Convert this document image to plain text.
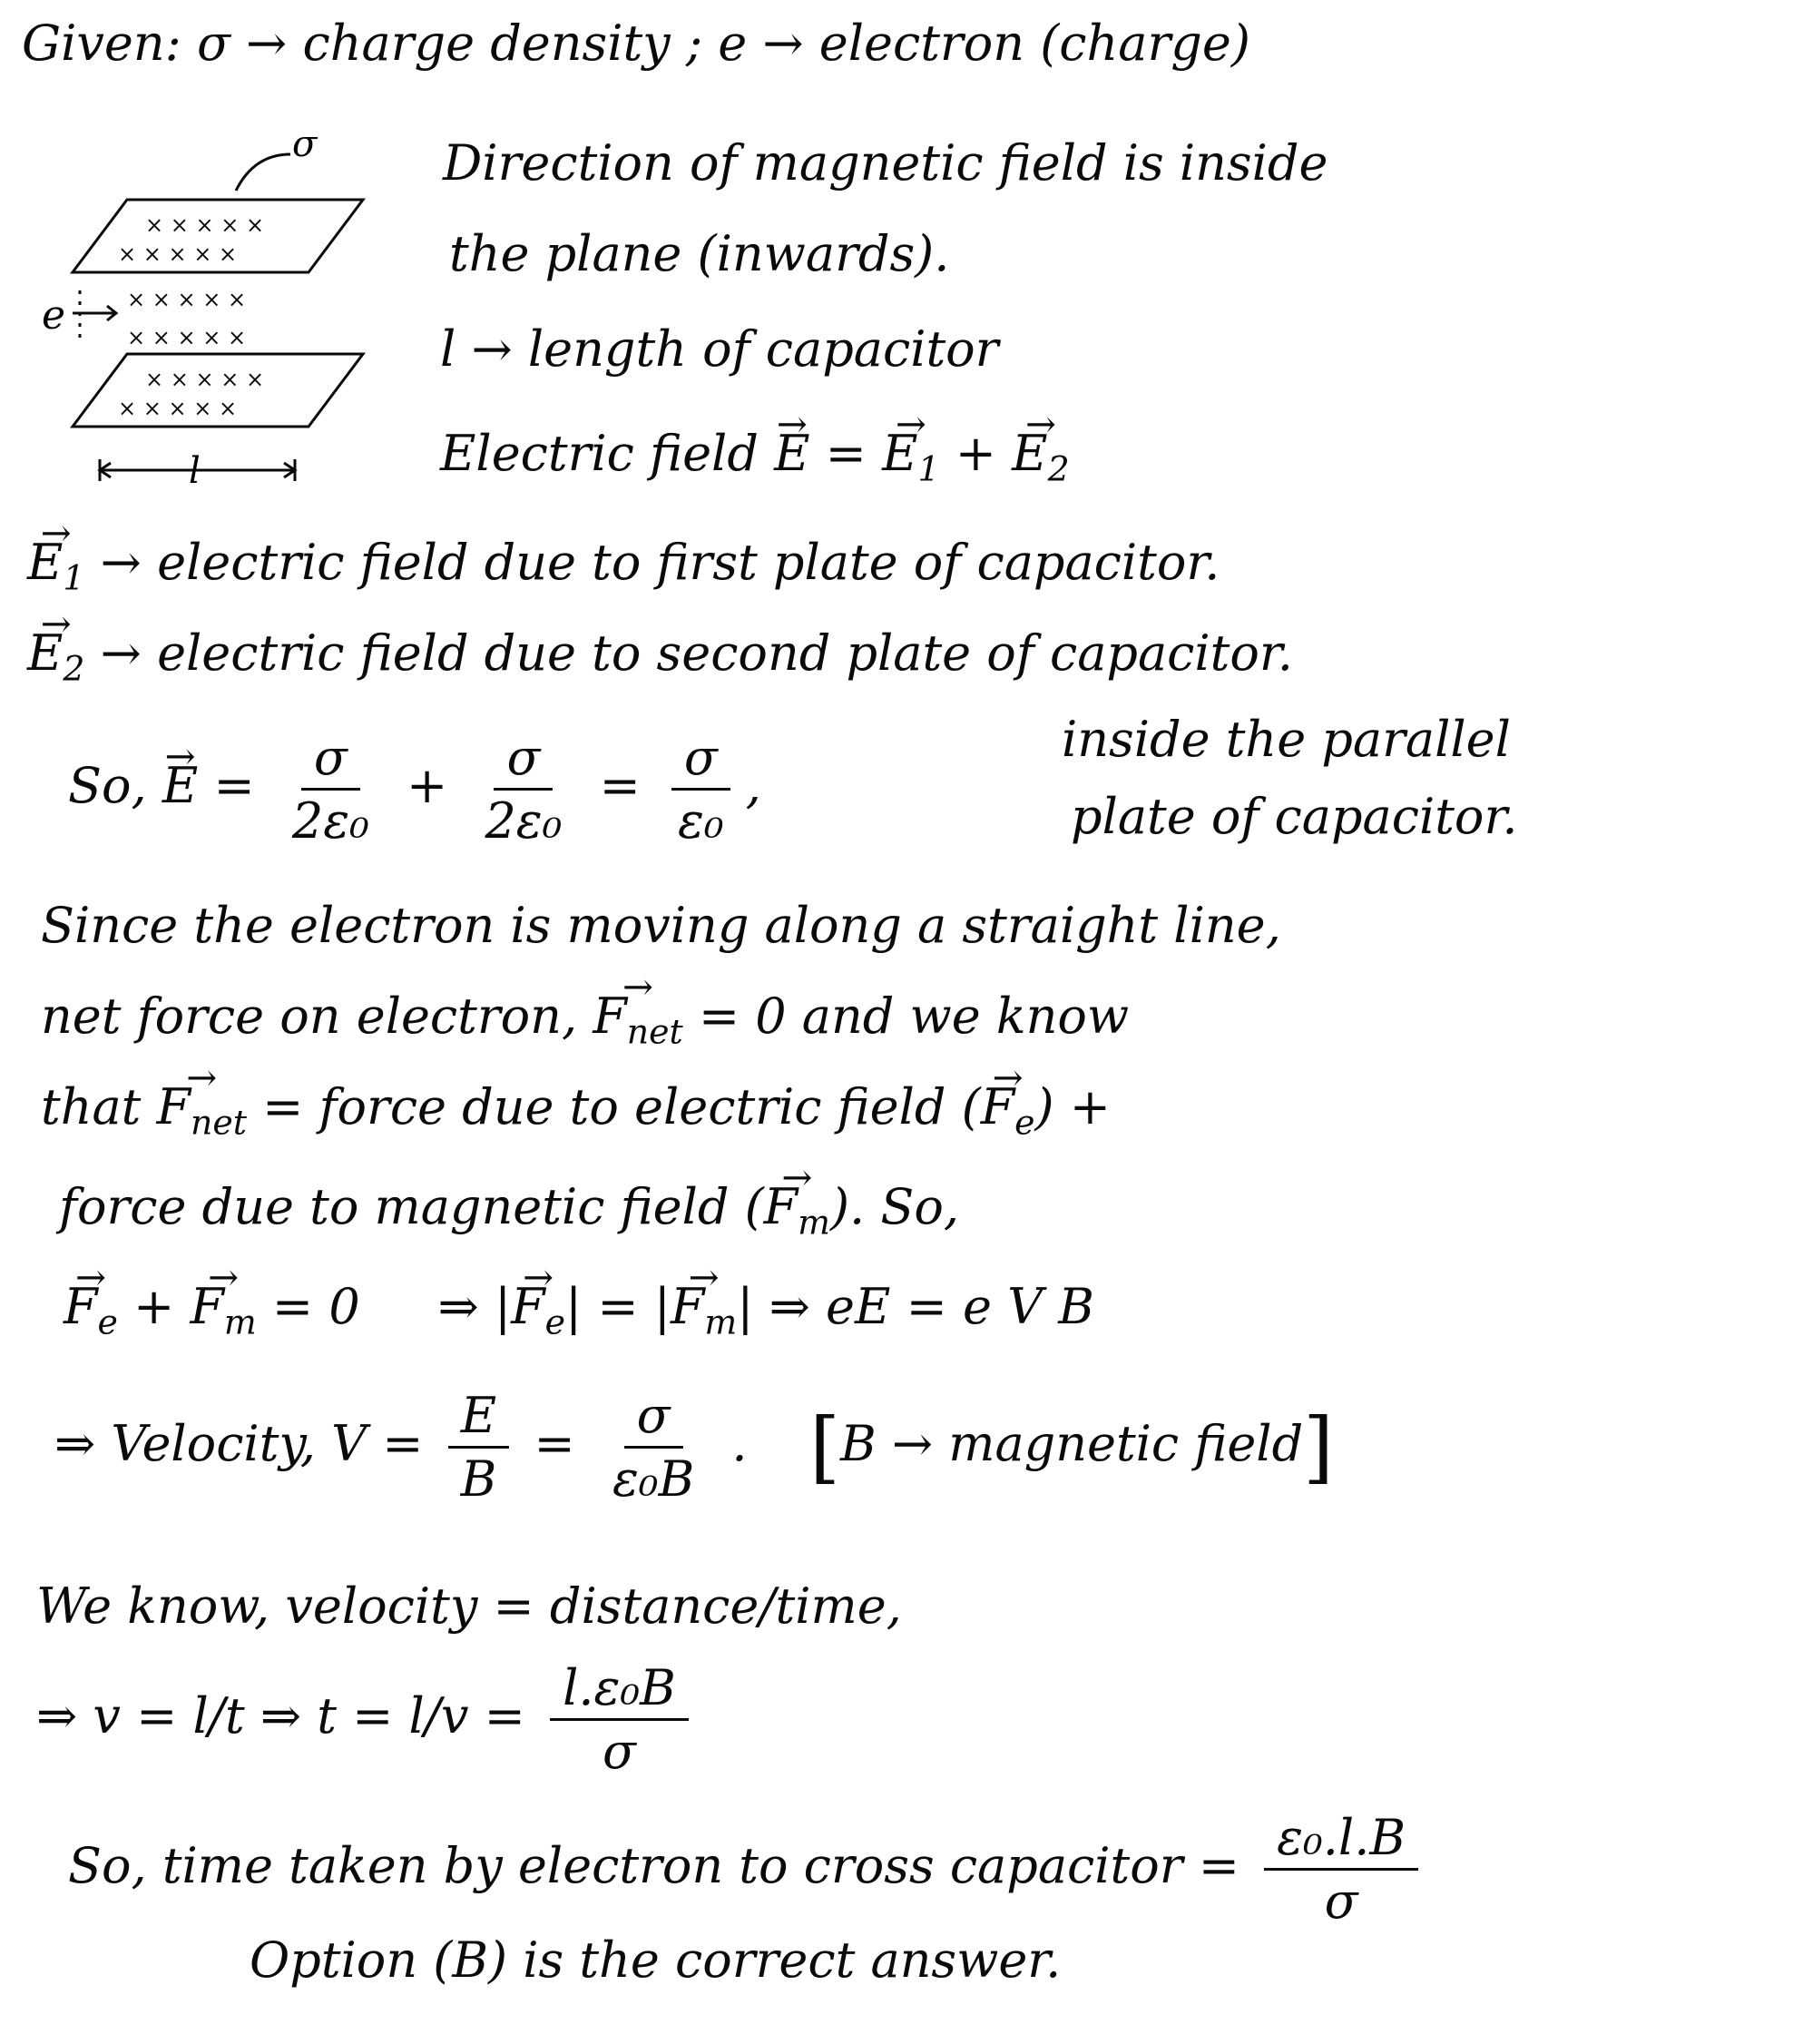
Given: σ → charge density ; e → electron (charge)
× × × × ×
× × × × ×
× × × × ×
× × × × ×
× × × × ×
× × × × ×
σ
e
l
Direction of magnetic field is inside
the plane (inwards).
l → length of capacitor
Electric field → E = → $E_1$ + → $E_2$
→ $E_1$ → electric field due to first plate of capacitor.
→ $E_2$ → electric field due to second plate of capacitor.
So, → $E = \frac{\sigma}{\text{2ε₀}} + \frac{\sigma}{\text{2ε₀}} = \frac{\sigma}{\text{ε₀}}$ ,
inside the parallel
plate of capacitor.
Since the electron is moving along a straight line,
net force on electron, → $F_{net} = 0$ and we know
that → $F_{net}$ = force due to electric field (→ $F_e$) +
force due to magnetic field (→ $F_m$). So,
→ $F_e$ + → $F_m = 0$ ⇒ |→ $F_e|$ = |→ $F_m|$ ⇒ eE = e V B
⇒ Velocity, $V = \frac{E}{B} = \frac{\sigma}{\text{ε₀B}}$ . [B → magnetic field]
We know, velocity = distance/time,
⇒ v = l/t ⇒ $t = l/v = \frac{\text{l.ε₀B}}{\sigma}$
So, time taken by electron to cross capacitor = $\frac{\text{ε₀.l.B}}{\sigma}$
Option (B) is the correct answer.
